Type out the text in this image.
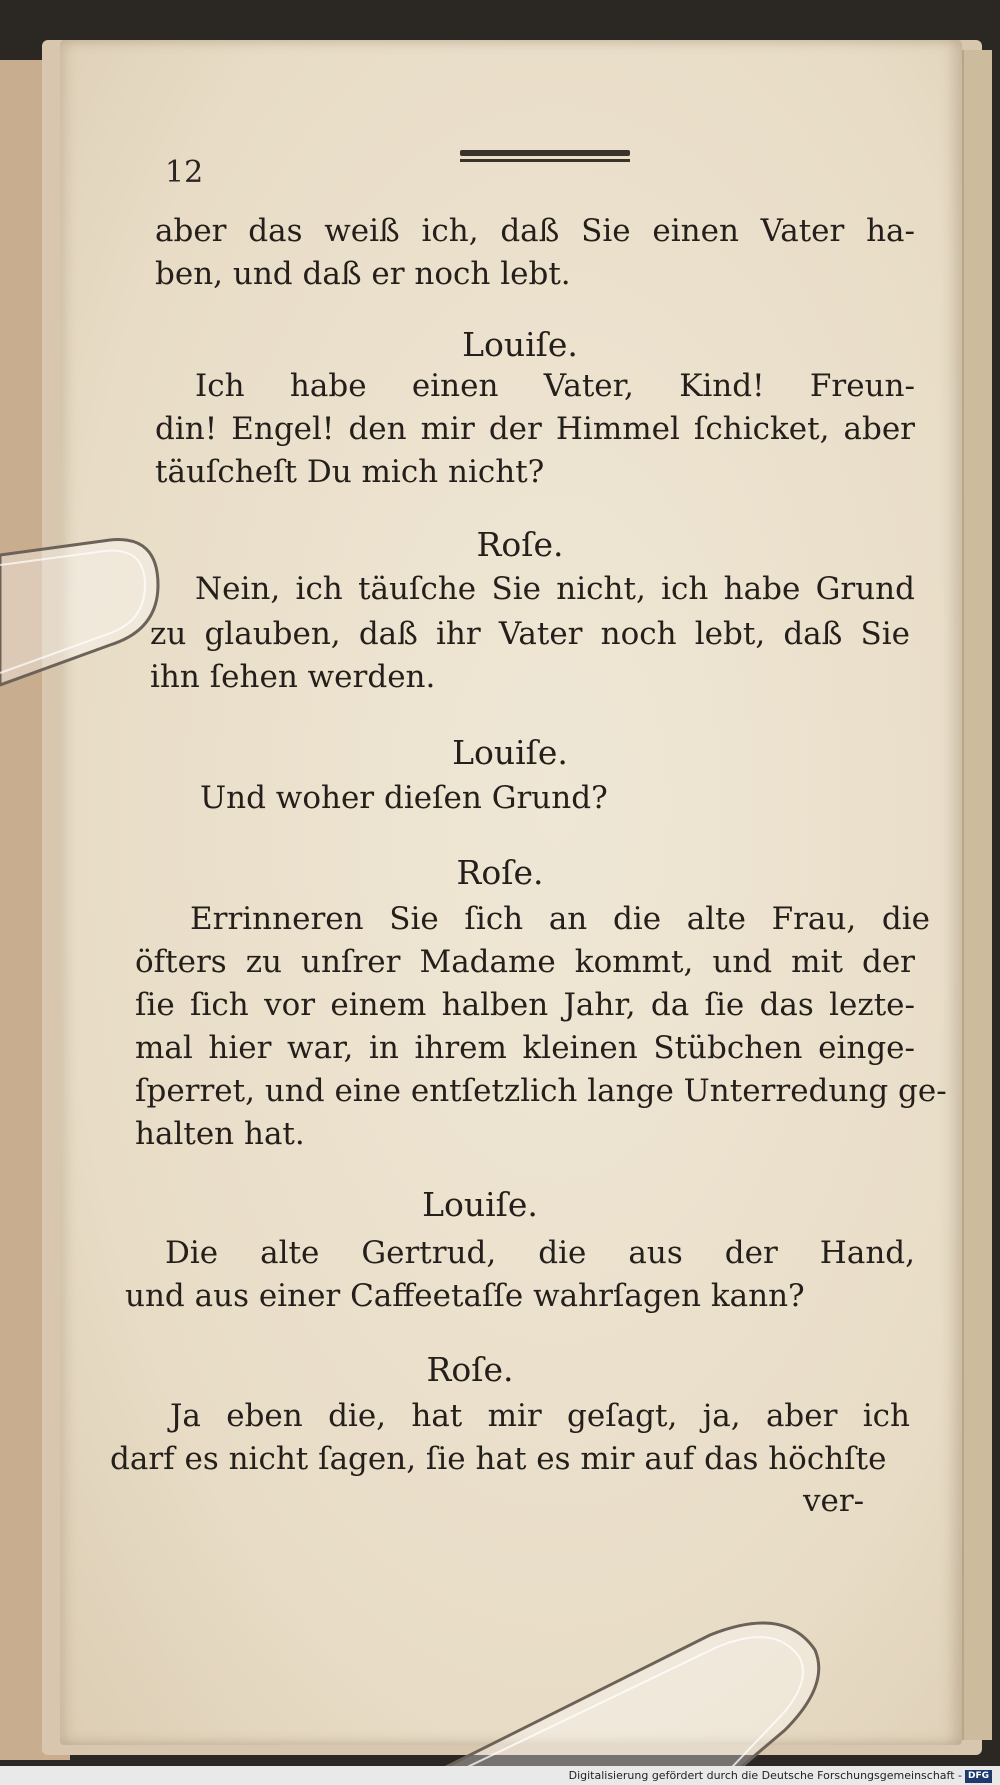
12
aber das weiß ich, daß Sie einen Vater ha-
ben, und daß er noch lebt.
Louiſe.
Ich habe einen Vater, Kind! Freun-
din! Engel! den mir der Himmel ſchicket, aber
täuſcheſt Du mich nicht?
Roſe.
Nein, ich täuſche Sie nicht, ich habe Grund
zu glauben, daß ihr Vater noch lebt, daß Sie
ihn ſehen werden.
Louiſe.
Und woher dieſen Grund?
Roſe.
Errinneren Sie ſich an die alte Frau, die
öfters zu unſrer Madame kommt, und mit der
ſie ſich vor einem halben Jahr, da ſie das lezte-
mal hier war, in ihrem kleinen Stübchen einge-
ſperret, und eine entſetzlich lange Unterredung ge-
halten hat.
Louiſe.
Die alte Gertrud, die aus der Hand,
und aus einer Caffeetaſſe wahrſagen kann?
Roſe.
Ja eben die, hat mir geſagt, ja, aber ich
darf es nicht ſagen, ſie hat es mir auf das höchſte
ver-
Digitalisierung gefördert durch die Deutsche Forschungsgemeinschaft - DFG
